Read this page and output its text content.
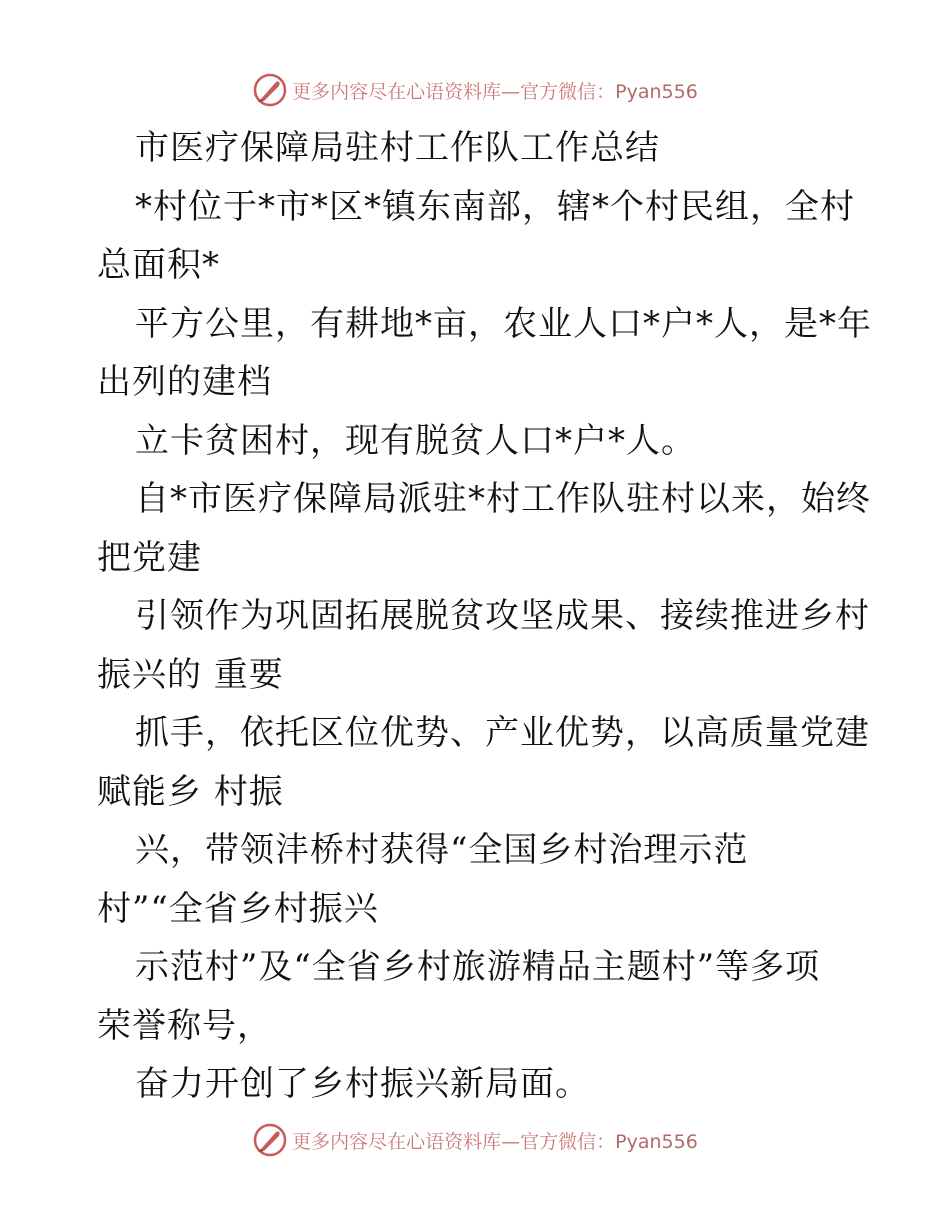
更多内容尽在心语资料库—官方微信：Pyan556
市医疗保障局驻村工作队工作总结
*村位于*市*区*镇东南部，辖*个村民组，全村
总面积*
平方公里，有耕地*亩，农业人口*户*人，是*年
出列的建档
立卡贫困村，现有脱贫人口*户*人。
自*市医疗保障局派驻*村工作队驻村以来，始终
把党建
引领作为巩固拓展脱贫攻坚成果、接续推进乡村
振兴的 重要
抓手，依托区位优势、产业优势，以高质量党建
赋能乡 村振
兴，带领沣桥村获得“全国乡村治理示范
村”“全省乡村振兴
示范村”及“全省乡村旅游精品主题村”等多项
荣誉称号，
奋力开创了乡村振兴新局面。
更多内容尽在心语资料库—官方微信：Pyan556
